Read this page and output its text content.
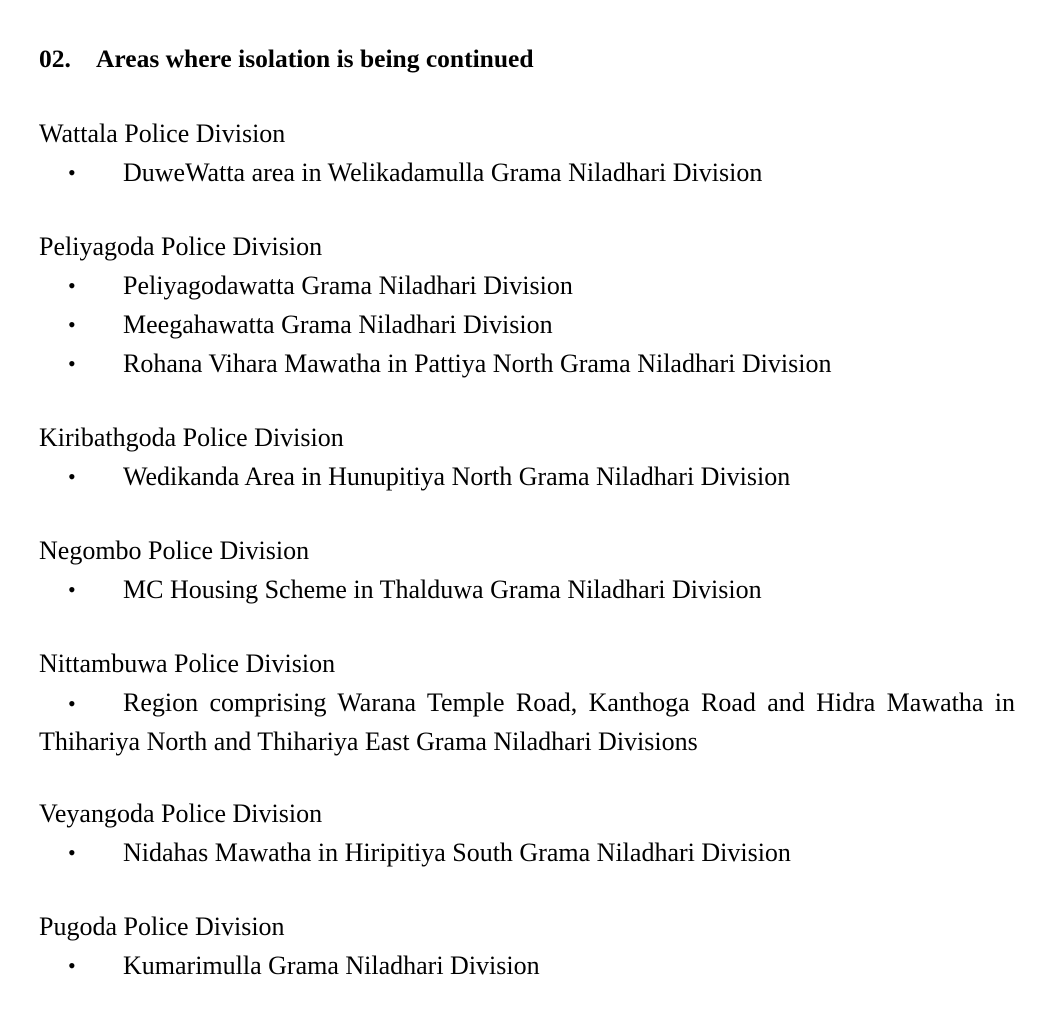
02. Areas where isolation is being continued
Wattala Police Division
• DuweWatta area in Welikadamulla Grama Niladhari Division
Peliyagoda Police Division
• Peliyagodawatta Grama Niladhari Division
• Meegahawatta Grama Niladhari Division
• Rohana Vihara Mawatha in Pattiya North Grama Niladhari Division
Kiribathgoda Police Division
• Wedikanda Area in Hunupitiya North Grama Niladhari Division
Negombo Police Division
• MC Housing Scheme in Thalduwa Grama Niladhari Division
Nittambuwa Police Division
• Region comprising Warana Temple Road, Kanthoga Road and Hidra Mawatha in Thihariya North and Thihariya East Grama Niladhari Divisions
Veyangoda Police Division
• Nidahas Mawatha in Hiripitiya South Grama Niladhari Division
Pugoda Police Division
• Kumarimulla Grama Niladhari Division
